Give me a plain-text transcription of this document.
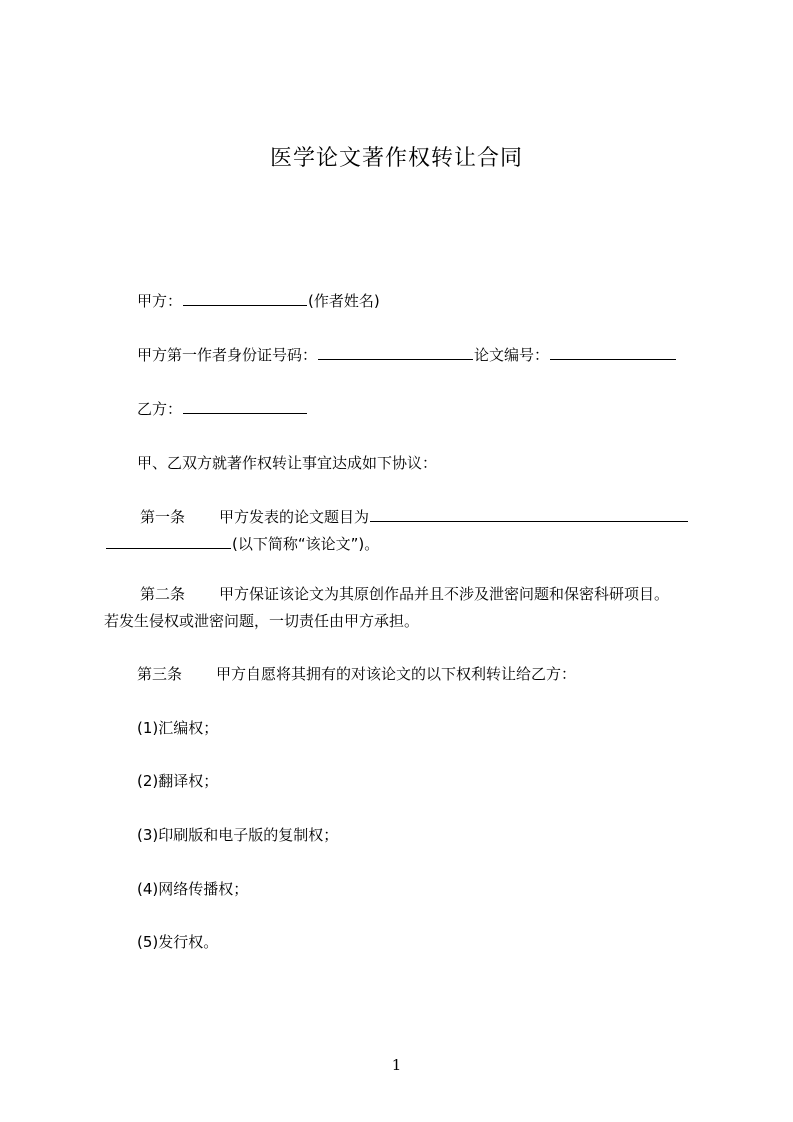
医学论文著作权转让合同
甲方：	(作者姓名)
甲方第一作者身份证号码：	论文编号：
乙方：
甲、乙双方就著作权转让事宜达成如下协议：
第一条 甲方发表的论文题目为
(以下简称“该论文”)。
第二条 甲方保证该论文为其原创作品并且不涉及泄密问题和保密科研项目。
若发生侵权或泄密问题，一切责任由甲方承担。
第三条 甲方自愿将其拥有的对该论文的以下权利转让给乙方：
(1)汇编权；
(2)翻译权；
(3)印刷版和电子版的复制权；
(4)网络传播权；
(5)发行权。
1
